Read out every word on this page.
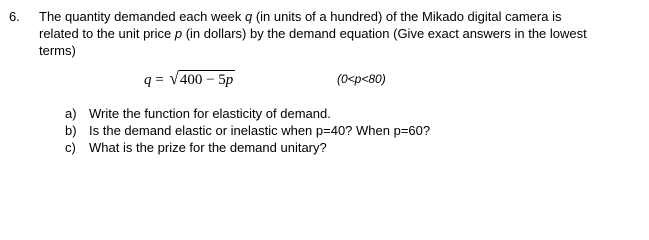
6. The quantity demanded each week q (in units of a hundred) of the Mikado digital camera is
related to the unit price p (in dollars) by the demand equation (Give exact answers in the lowest
terms)
q = √400 − 5p	(0<p<80)
a) Write the function for elasticity of demand.
b) Is the demand elastic or inelastic when p=40? When p=60?
c) What is the prize for the demand unitary?
